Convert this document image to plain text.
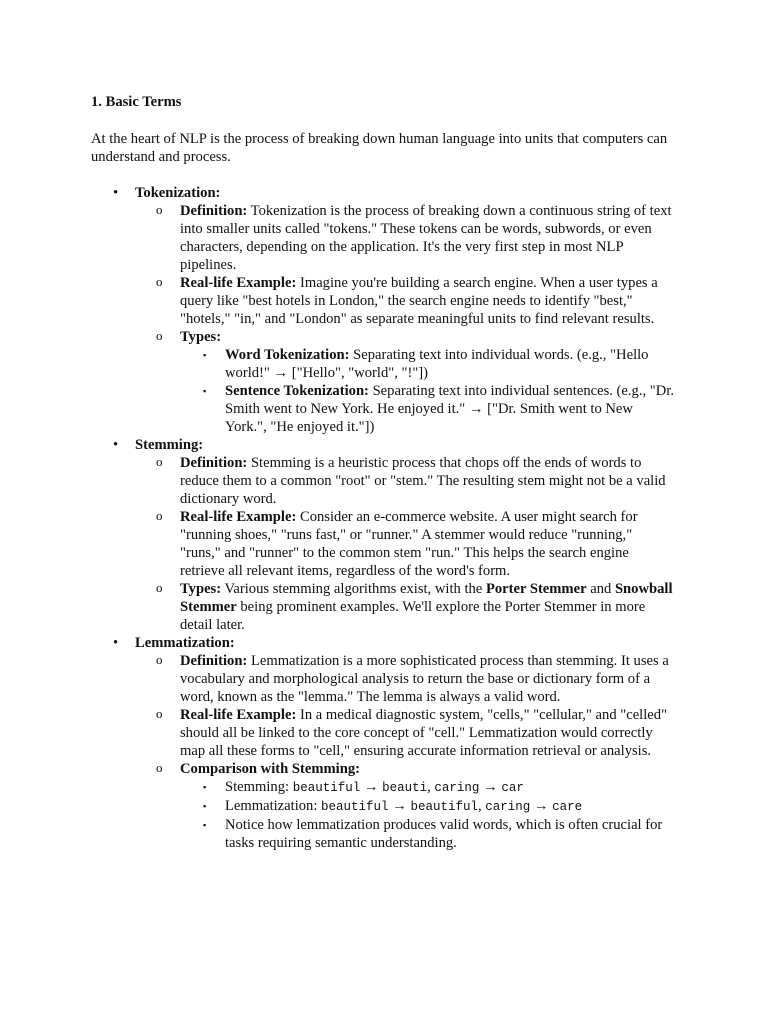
1. Basic Terms

At the heart of NLP is the process of breaking down human language into units that computers can understand and process.

• Tokenization:
o Definition: Tokenization is the process of breaking down a continuous string of text into smaller units called "tokens." These tokens can be words, subwords, or even characters, depending on the application. It's the very first step in most NLP pipelines.
o Real-life Example: Imagine you're building a search engine. When a user types a query like "best hotels in London," the search engine needs to identify "best," "hotels," "in," and "London" as separate meaningful units to find relevant results.
o Types:
▪ Word Tokenization: Separating text into individual words. (e.g., "Hello world!" → ["Hello", "world", "!"])
▪ Sentence Tokenization: Separating text into individual sentences. (e.g., "Dr. Smith went to New York. He enjoyed it." → ["Dr. Smith went to New York.", "He enjoyed it."])
• Stemming:
o Definition: Stemming is a heuristic process that chops off the ends of words to reduce them to a common "root" or "stem." The resulting stem might not be a valid dictionary word.
o Real-life Example: Consider an e-commerce website. A user might search for "running shoes," "runs fast," or "runner." A stemmer would reduce "running," "runs," and "runner" to the common stem "run." This helps the search engine retrieve all relevant items, regardless of the word's form.
o Types: Various stemming algorithms exist, with the Porter Stemmer and Snowball Stemmer being prominent examples. We'll explore the Porter Stemmer in more detail later.
• Lemmatization:
o Definition: Lemmatization is a more sophisticated process than stemming. It uses a vocabulary and morphological analysis to return the base or dictionary form of a word, known as the "lemma." The lemma is always a valid word.
o Real-life Example: In a medical diagnostic system, "cells," "cellular," and "celled" should all be linked to the core concept of "cell." Lemmatization would correctly map all these forms to "cell," ensuring accurate information retrieval or analysis.
o Comparison with Stemming:
▪ Stemming: beautiful → beauti, caring → car
▪ Lemmatization: beautiful → beautiful, caring → care
▪ Notice how lemmatization produces valid words, which is often crucial for tasks requiring semantic understanding.
